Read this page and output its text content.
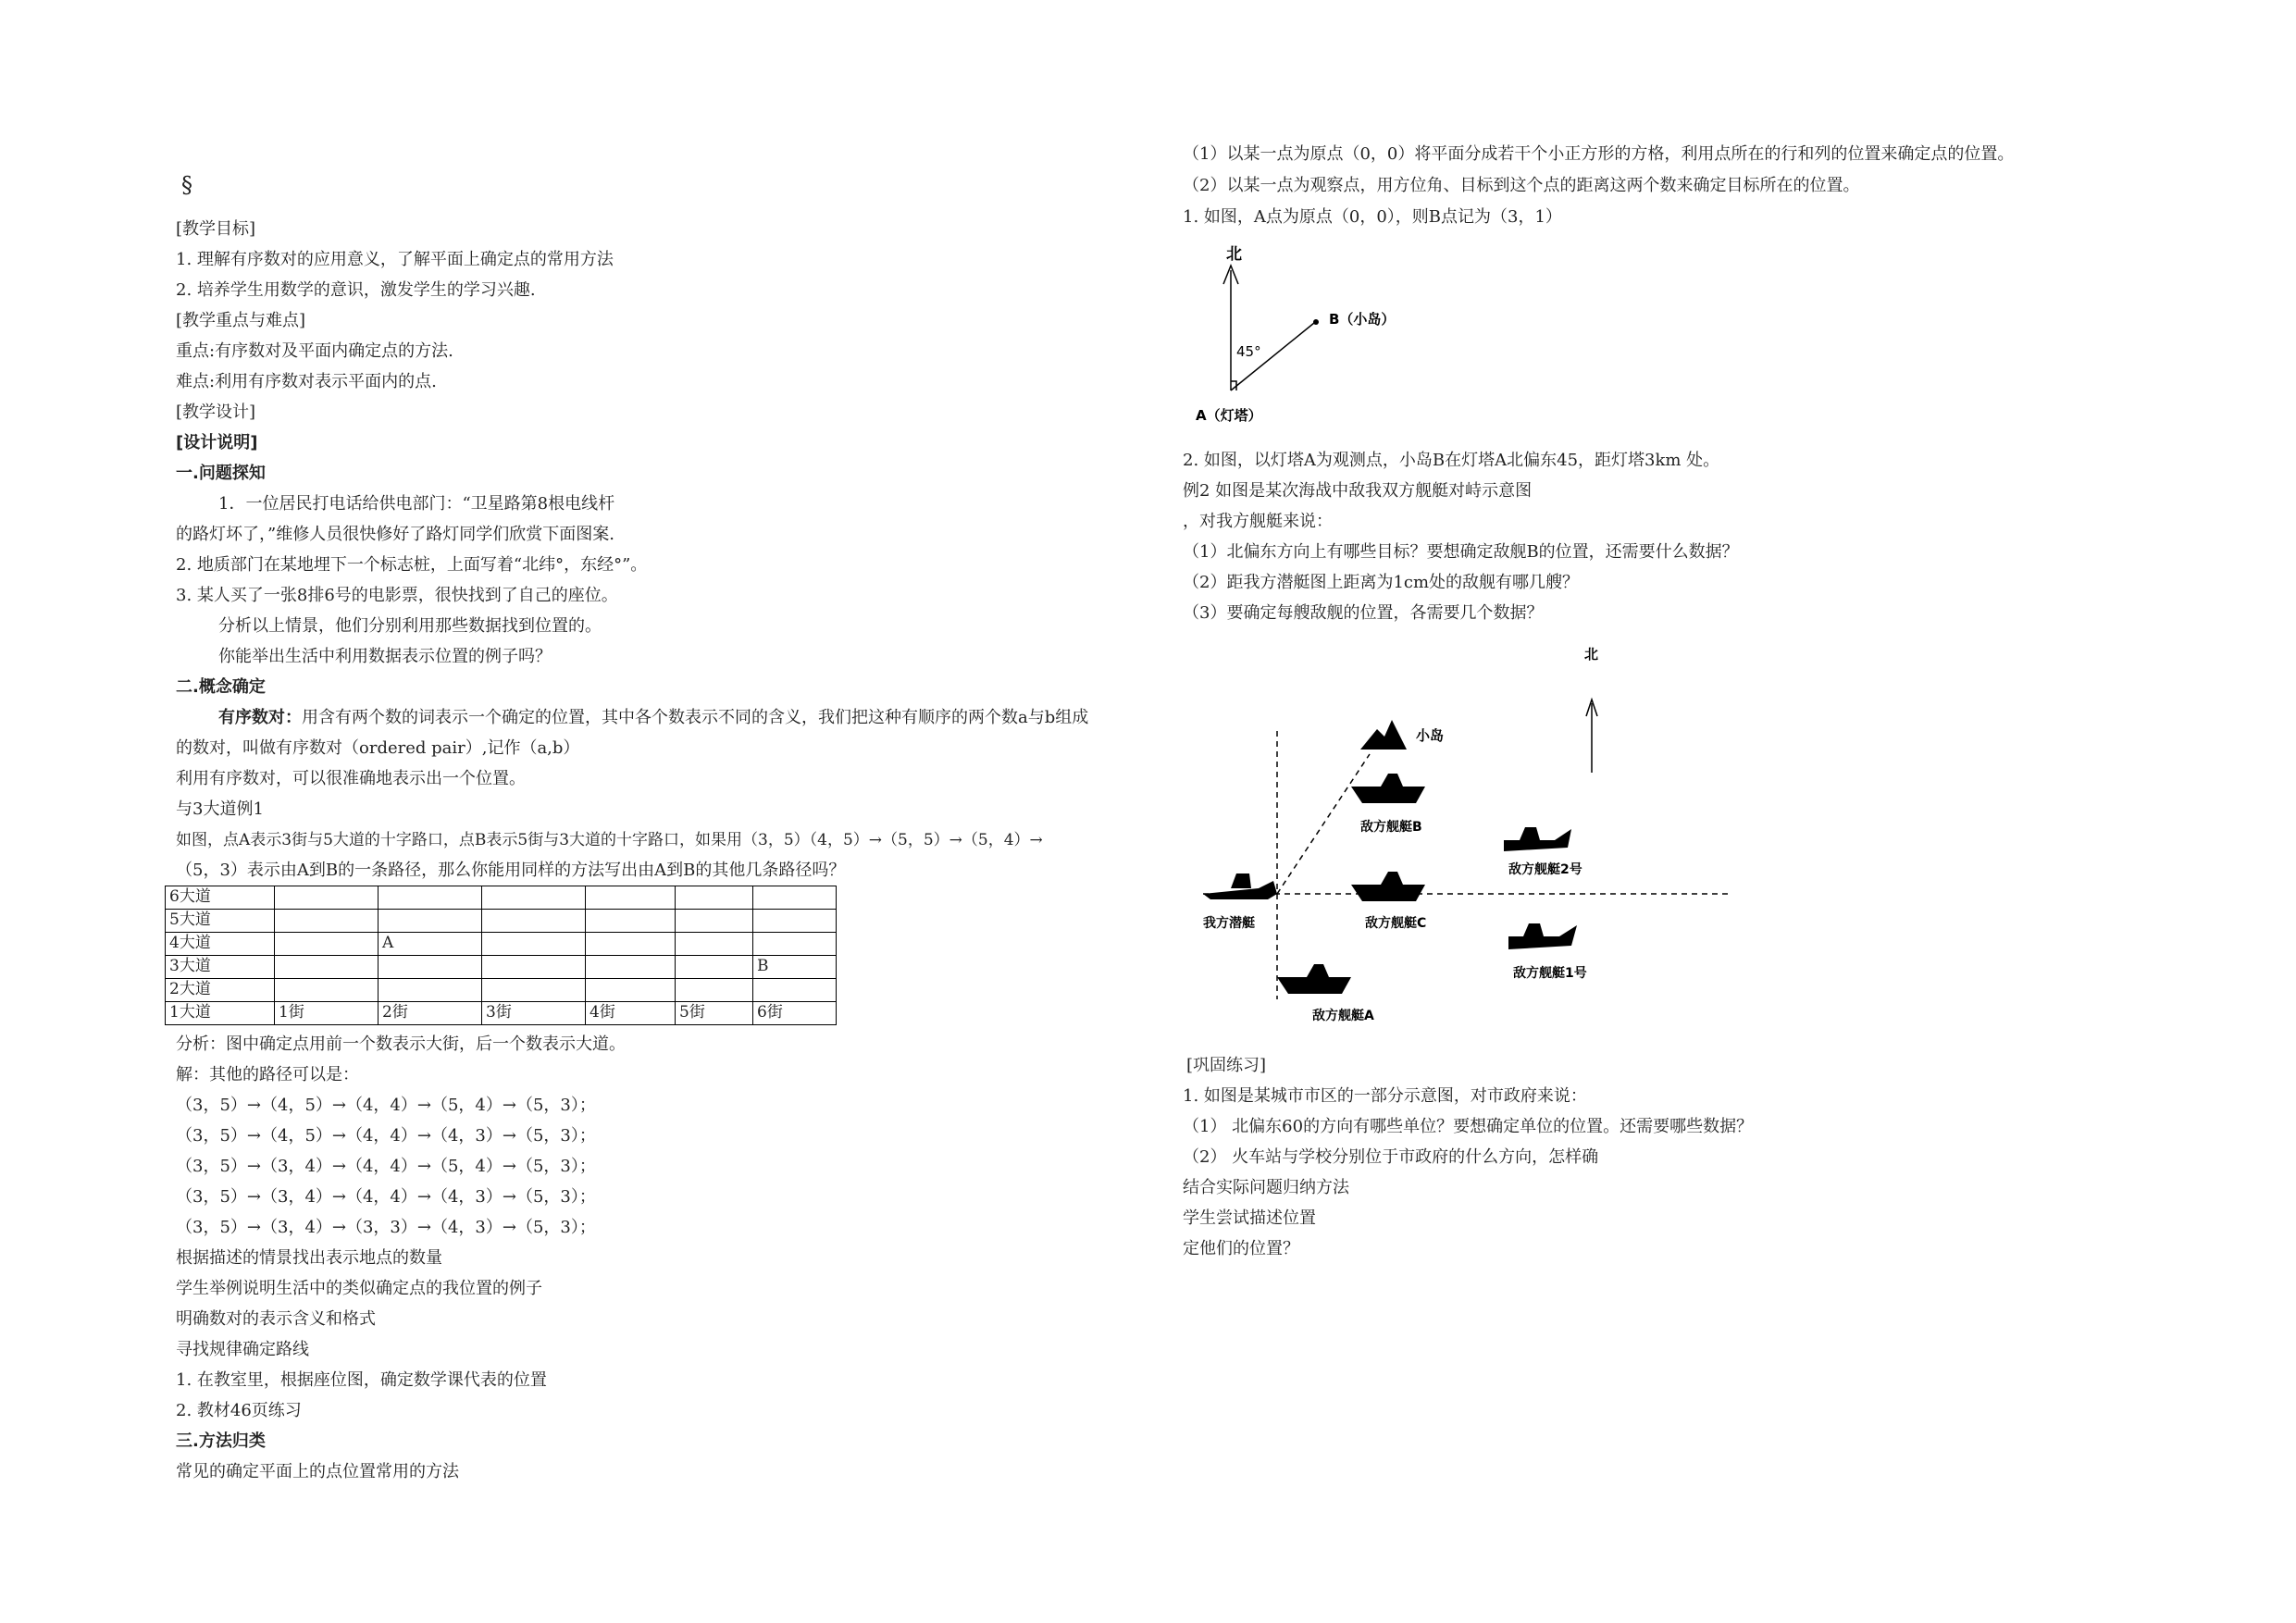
§
[教学目标]
1. 理解有序数对的应用意义，了解平面上确定点的常用方法
2. 培养学生用数学的意识，激发学生的学习兴趣.
[教学重点与难点]
重点:有序数对及平面内确定点的方法.
难点:利用有序数对表示平面内的点.
[教学设计]
[设计说明]
一.问题探知
1．一位居民打电话给供电部门：“卫星路第8根电线杆
的路灯坏了，”维修人员很快修好了路灯同学们欣赏下面图案.
2. 地质部门在某地埋下一个标志桩，上面写着“北纬°，东经°”。
3. 某人买了一张8排6号的电影票，很快找到了自己的座位。
分析以上情景，他们分别利用那些数据找到位置的。
你能举出生活中利用数据表示位置的例子吗？
二.概念确定
有序数对：用含有两个数的词表示一个确定的位置，其中各个数表示不同的含义，我们把这种有顺序的两个数a与b组成
的数对，叫做有序数对（ordered pair）,记作（a,b）
利用有序数对，可以很准确地表示出一个位置。
与3大道例1
如图，点A表示3街与5大道的十字路口，点B表示5街与3大道的十字路口，如果用（3，5）（4，5）→（5，5）→（5，4）→
（5，3）表示由A到B的一条路径，那么你能用同样的方法写出由A到B的其他几条路径吗？
6大道						
5大道						
4大道		A				
3大道						B
2大道						
1大道	1街	2街	3街	4街	5街	6街
分析：图中确定点用前一个数表示大街，后一个数表示大道。
解：其他的路径可以是：
（3，5）→（4，5）→（4，4）→（5，4）→（5，3）；
（3，5）→（4，5）→（4，4）→（4，3）→（5，3）；
（3，5）→（3，4）→（4，4）→（5，4）→（5，3）；
（3，5）→（3，4）→（4，4）→（4，3）→（5，3）；
（3，5）→（3，4）→（3，3）→（4，3）→（5，3）；
根据描述的情景找出表示地点的数量
学生举例说明生活中的类似确定点的我位置的例子
明确数对的表示含义和格式
寻找规律确定路线
1. 在教室里，根据座位图，确定数学课代表的位置
2. 教材46页练习
三.方法归类
常见的确定平面上的点位置常用的方法
（1）以某一点为原点（0，0）将平面分成若干个小正方形的方格，利用点所在的行和列的位置来确定点的位置。
（2）以某一点为观察点，用方位角、目标到这个点的距离这两个数来确定目标所在的位置。
1. 如图，A点为原点（0，0），则B点记为（3，1）
北
45°
B（小岛）
A（灯塔）
2. 如图，以灯塔A为观测点，小岛B在灯塔A北偏东45，距灯塔3km 处。
例2 如图是某次海战中敌我双方舰艇对峙示意图
，对我方舰艇来说：
（1）北偏东方向上有哪些目标？要想确定敌舰B的位置，还需要什么数据？
（2）距我方潜艇图上距离为1cm处的敌舰有哪几艘？
（3）要确定每艘敌舰的位置，各需要几个数据？
北
小岛
敌方舰艇B
敌方舰艇2号
我方潜艇	敌方舰艇C
敌方舰艇1号
敌方舰艇A
[巩固练习]
1. 如图是某城市市区的一部分示意图，对市政府来说：
（1） 北偏东60的方向有哪些单位？要想确定单位的位置。还需要哪些数据？
（2） 火车站与学校分别位于市政府的什么方向，怎样确
结合实际问题归纳方法
学生尝试描述位置
定他们的位置？
